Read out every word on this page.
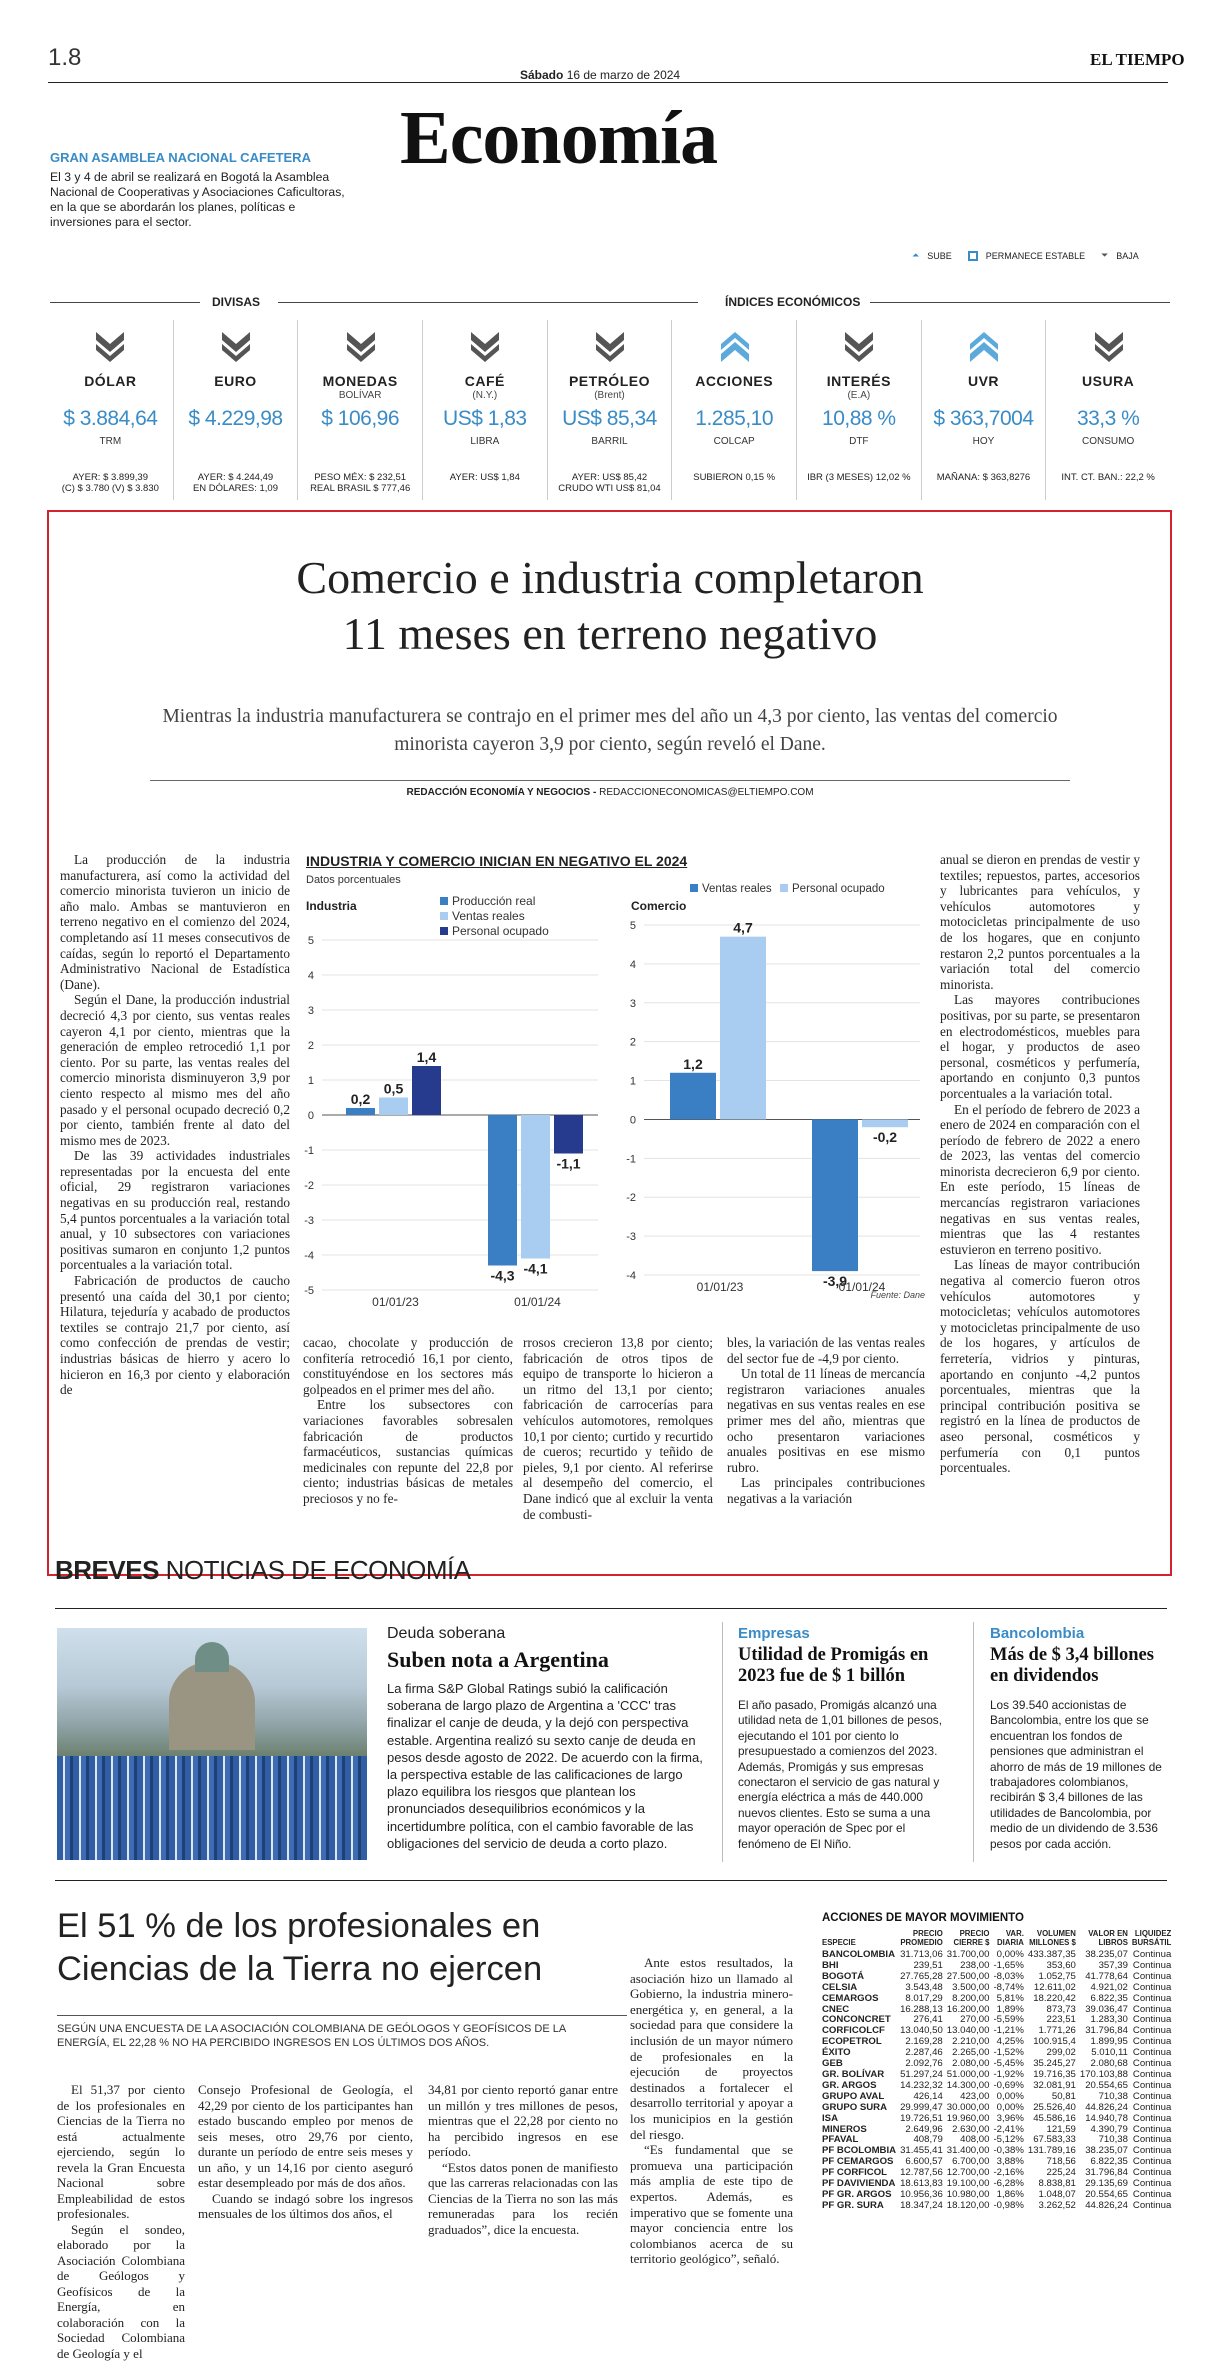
1.8
Sábado 16 de marzo de 2024
EL TIEMPO
Economía
GRAN ASAMBLEA NACIONAL CAFETERA
El 3 y 4 de abril se realizará en Bogotá la Asamblea Nacional de Cooperativas y Asociaciones Caficultoras, en la que se abordarán los planes, políticas e inversiones para el sector.
⏶ SUBE	PERMANECE ESTABLE ⏷ BAJA
DIVISAS	ÍNDICES ECONÓMICOS
DÓLAR
$ 3.884,64
TRM
AYER: $ 3.899,39
(C) $ 3.780 (V) $ 3.830
EURO
$ 4.229,98
AYER: $ 4.244,49
EN DÓLARES: 1,09
MONEDAS
BOLÍVAR
$ 106,96
PESO MÉX: $ 232,51
REAL BRASIL $ 777,46
CAFÉ
(N.Y.)
US$ 1,83
LIBRA
AYER: US$ 1,84
PETRÓLEO
(Brent)
US$ 85,34
BARRIL
AYER: US$ 85,42
CRUDO WTI US$ 81,04
ACCIONES
1.285,10
COLCAP
SUBIERON 0,15 %
INTERÉS
(E.A)
10,88 %
DTF
IBR (3 MESES) 12,02 %
UVR
$ 363,7004
HOY
MAÑANA: $ 363,8276
USURA
33,3 %
CONSUMO
INT. CT. BAN.: 22,2 %
Comercio e industria completaron
11 meses en terreno negativo
Mientras la industria manufacturera se contrajo en el primer mes del año un 4,3 por ciento, las ventas del comercio minorista cayeron 3,9 por ciento, según reveló el Dane.
REDACCIÓN ECONOMÍA Y NEGOCIOS - REDACCIONECONOMICAS@ELTIEMPO.COM

La producción de la industria manufacturera, así como la actividad del comercio minorista tuvieron un inicio de año malo. Ambas se mantuvieron en terreno negativo en el comienzo del 2024, completando así 11 meses consecutivos de caídas, según lo reportó el Departamento Administrativo Nacional de Estadística (Dane).

Según el Dane, la producción industrial decreció 4,3 por ciento, sus ventas reales cayeron 4,1 por ciento, mientras que la generación de empleo retrocedió 1,1 por ciento. Por su parte, las ventas reales del comercio minorista disminuyeron 3,9 por ciento respecto al mismo mes del año pasado y el personal ocupado decreció 0,2 por ciento, también frente al dato del mismo mes de 2023.

De las 39 actividades industriales representadas por la encuesta del ente oficial, 29 registraron variaciones negativas en su producción real, restando 5,4 puntos porcentuales a la variación total anual, y 10 subsectores con variaciones positivas sumaron en conjunto 1,2 puntos porcentuales a la variación total.

Fabricación de productos de caucho presentó una caída del 30,1 por ciento; Hilatura, tejeduría y acabado de productos textiles se contrajo 21,7 por ciento, así como confección de prendas de vestir; industrias básicas de hierro y acero lo hicieron en 16,3 por ciento y elaboración de

INDUSTRIA Y COMERCIO INICIAN EN NEGATIVO EL 2024
Datos porcentuales
Industria
5
4
3
2
1
0
-1
-2
-3
-4
-5
0,2
0,5
1,4
01/01/23
-4,3 -4,1
-1,1
01/01/24
Comercio
5
4
3
2
1
0
-1
-2
-3
-4
1,2
4,7
01/01/23	-3,9
-0,2
01/01/24
Producción real
Ventas reales
Personal ocupado
Ventas reales Personal ocupado
Fuente: Dane

cacao, chocolate y producción de confitería retrocedió 16,1 por ciento, constituyéndose en los sectores más golpeados en el primer mes del año.

Entre los subsectores con variaciones favorables sobresalen fabricación de productos farmacéuticos, sustancias químicas medicinales con repunte del 22,8 por ciento; industrias básicas de metales preciosos y no fe-

rrosos crecieron 13,8 por ciento; fabricación de otros tipos de equipo de transporte lo hicieron a un ritmo del 13,1 por ciento; fabricación de carrocerías para vehículos automotores, remolques 10,1 por ciento; curtido y recurtido de cueros; recurtido y teñido de pieles, 9,1 por ciento. Al referirse al desempeño del comercio, el Dane indicó que al excluir la venta de combusti-

bles, la variación de las ventas reales del sector fue de -4,9 por ciento.

Un total de 11 líneas de mercancía registraron variaciones anuales negativas en sus ventas reales en ese primer mes del año, mientras que ocho presentaron variaciones anuales positivas en ese mismo rubro.

Las principales contribuciones negativas a la variación

anual se dieron en prendas de vestir y textiles; repuestos, partes, accesorios y lubricantes para vehículos, y vehículos automotores y motocicletas principalmente de uso de los hogares, que en conjunto restaron 2,2 puntos porcentuales a la variación total del comercio minorista.

Las mayores contribuciones positivas, por su parte, se presentaron en electrodomésticos, muebles para el hogar, y productos de aseo personal, cosméticos y perfumería, aportando en conjunto 0,3 puntos porcentuales a la variación total.

En el período de febrero de 2023 a enero de 2024 en comparación con el período de febrero de 2022 a enero de 2023, las ventas del comercio minorista decrecieron 6,9 por ciento. En este período, 15 líneas de mercancías registraron variaciones negativas en sus ventas reales, mientras que las 4 restantes estuvieron en terreno positivo.

Las líneas de mayor contribución negativa al comercio fueron otros vehículos automotores y motocicletas; vehículos automotores y motocicletas principalmente de uso de los hogares, y artículos de ferretería, vidrios y pinturas, aportando en conjunto -4,2 puntos porcentuales, mientras que la principal contribución positiva se registró en la línea de productos de aseo personal, cosméticos y perfumería con 0,1 puntos porcentuales.

BREVES NOTICIAS DE ECONOMÍA
Deuda soberana
Suben nota a Argentina
La firma S&P Global Ratings subió la calificación soberana de largo plazo de Argentina a 'CCC' tras finalizar el canje de deuda, y la dejó con perspectiva estable. Argentina realizó su sexto canje de deuda en pesos desde agosto de 2022. De acuerdo con la firma, la perspectiva estable de las calificaciones de largo plazo equilibra los riesgos que plantean los pronunciados desequilibrios económicos y la incertidumbre política, con el cambio favorable de las obligaciones del servicio de deuda a corto plazo.
Empresas
Utilidad de Promigás en 2023 fue de $ 1 billón
El año pasado, Promigás alcanzó una utilidad neta de 1,01 billones de pesos, ejecutando el 101 por ciento lo presupuestado a comienzos del 2023. Además, Promigás y sus empresas conectaron el servicio de gas natural y energía eléctrica a más de 440.000 nuevos clientes. Esto se suma a una mayor operación de Spec por el fenómeno de El Niño.
Bancolombia
Más de $ 3,4 billones en dividendos
Los 39.540 accionistas de Bancolombia, entre los que se encuentran los fondos de pensiones que administran el ahorro de más de 19 millones de trabajadores colombianos, recibirán $ 3,4 billones de las utilidades de Bancolombia, por medio de un dividendo de 3.536 pesos por cada acción.
El 51 % de los profesionales en Ciencias de la Tierra no ejercen
SEGÚN UNA ENCUESTA DE LA ASOCIACIÓN COLOMBIANA DE GEÓLOGOS Y GEOFÍSICOS DE LA ENERGÍA, EL 22,28 % NO HA PERCIBIDO INGRESOS EN LOS ÚLTIMOS DOS AÑOS.

El 51,37 por ciento de los profesionales en Ciencias de la Tierra no está actualmente ejerciendo, según lo revela la Gran Encuesta Nacional sobre Empleabilidad de estos profesionales.

Según el sondeo, elaborado por la Asociación Colombiana de Geólogos y Geofísicos de la Energía, en colaboración con la Sociedad Colombiana de Geología y el

Consejo Profesional de Geología, el 42,29 por ciento de los participantes han estado buscando empleo por menos de seis meses, otro 29,76 por ciento, durante un período de entre seis meses y un año, y un 14,16 por ciento aseguró estar desempleado por más de dos años.

Cuando se indagó sobre los ingresos mensuales de los últimos dos años, el

34,81 por ciento reportó ganar entre un millón y tres millones de pesos, mientras que el 22,28 por ciento no ha percibido ingresos en ese período.

“Estos datos ponen de manifiesto que las carreras relacionadas con las Ciencias de la Tierra no son las más remuneradas para los recién graduados”, dice la encuesta.

Ante estos resultados, la asociación hizo un llamado al Gobierno, la industria minero-energética y, en general, a la sociedad para que considere la inclusión de un mayor número de profesionales en la ejecución de proyectos destinados a fortalecer el desarrollo territorial y apoyar a los municipios en la gestión del riesgo.

“Es fundamental que se promueva una participación más amplia de este tipo de expertos. Además, es imperativo que se fomente una mayor conciencia entre los colombianos acerca de su territorio geológico”, señaló.

ACCIONES DE MAYOR MOVIMIENTO
ESPECIE	PRECIO PROMEDIO	PRECIO CIERRE $	VAR. DIARIA	VOLUMEN MILLONES $	VALOR EN LIBROS	LIQUIDEZ BURSÁTIL
BANCOLOMBIA	31.713,06	31.700,00	0,00%	433.387,35	38.235,07	Continua
BHI	239,51	238,00	-1,65%	353,60	357,39	Continua
BOGOTÁ	27.765,28	27.500,00	-8,03%	1.052,75	41.778,64	Continua
CELSIA	3.543,48	3.500,00	-8,74%	12.611,02	4.921,02	Continua
CEMARGOS	8.017,29	8.200,00	5,81%	18.220,42	6.822,35	Continua
CNEC	16.288,13	16.200,00	1,89%	873,73	39.036,47	Continua
CONCONCRET	276,41	270,00	-5,59%	223,51	1.283,30	Continua
CORFICOLCF	13.040,50	13.040,00	-1,21%	1.771,26	31.796,84	Continua
ECOPETROL	2.169,28	2.210,00	4,25%	100.915,4	1.899,95	Continua
ÉXITO	2.287,46	2.265,00	-1,52%	299,02	5.010,11	Continua
GEB	2.092,76	2.080,00	-5,45%	35.245,27	2.080,68	Continua
GR. BOLÍVAR	51.297,24	51.000,00	-1,92%	19.716,35	170.103,88	Continua
GR. ARGOS	14.232,32	14.300,00	-0,69%	32.081,91	20.554,65	Continua
GRUPO AVAL	426,14	423,00	0,00%	50,81	710,38	Continua
GRUPO SURA	29.999,47	30.000,00	0,00%	25.526,40	44.826,24	Continua
ISA	19.726,51	19.960,00	3,96%	45.586,16	14.940,78	Continua
MINEROS	2.649,96	2.630,00	-2,41%	121,59	4.390,79	Continua
PFAVAL	408,79	408,00	-5,12%	67.583,33	710,38	Continua
PF BCOLOMBIA	31.455,41	31.400,00	-0,38%	131.789,16	38.235,07	Continua
PF CEMARGOS	6.600,57	6.700,00	3,88%	718,56	6.822,35	Continua
PF CORFICOL	12.787,56	12.700,00	-2,16%	225,24	31.796,84	Continua
PF DAVIVIENDA	18.613,83	19.100,00	-6,28%	8.838,81	29.135,69	Continua
PF GR. ARGOS	10.956,36	10.980,00	1,86%	1.048,07	20.554,65	Continua
PF GR. SURA	18.347,24	18.120,00	-0,98%	3.262,52	44.826,24	Continua
